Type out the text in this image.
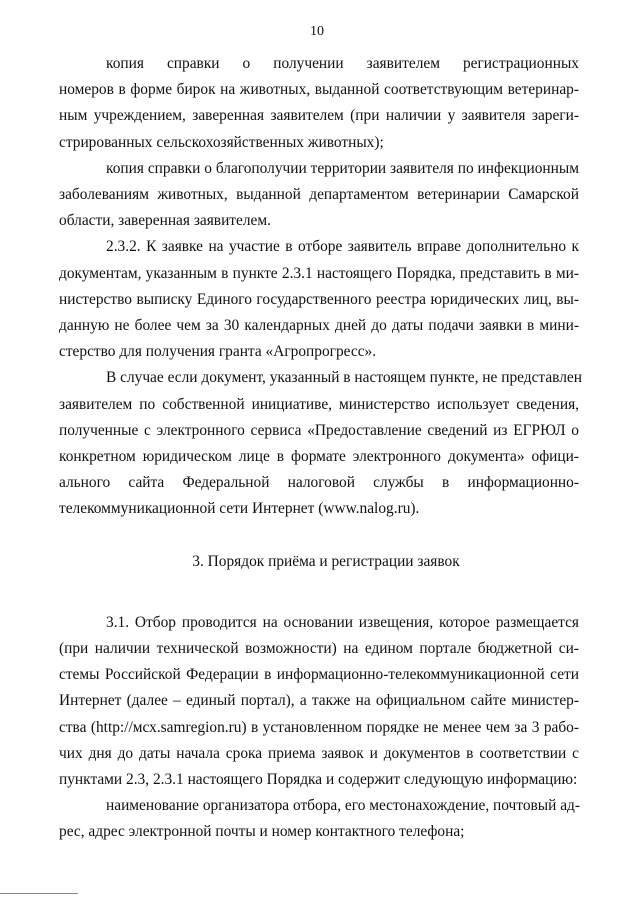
10
копия справки о получении заявителем регистрационных
номеров в форме бирок на животных, выданной соответствующим ветеринар-
ным учреждением, заверенная заявителем (при наличии у заявителя зареги-
стрированных сельскохозяйственных животных);
копия справки о благополучии территории заявителя по инфекционным
заболеваниям животных, выданной департаментом ветеринарии Самарской
области, заверенная заявителем.
2.3.2. К заявке на участие в отборе заявитель вправе дополнительно к
документам, указанным в пункте 2.3.1 настоящего Порядка, представить в ми-
нистерство выписку Единого государственного реестра юридических лиц, вы-
данную не более чем за 30 календарных дней до даты подачи заявки в мини-
стерство для получения гранта «Агропрогресс».
В случае если документ, указанный в настоящем пункте, не представлен
заявителем по собственной инициативе, министерство использует сведения,
полученные с электронного сервиса «Предоставление сведений из ЕГРЮЛ о
конкретном юридическом лице в формате электронного документа» офици-
ального сайта Федеральной налоговой службы в информационно-
телекоммуникационной сети Интернет (www.nalog.ru).
3. Порядок приёма и регистрации заявок
3.1. Отбор проводится на основании извещения, которое размещается
(при наличии технической возможности) на едином портале бюджетной си-
стемы Российской Федерации в информационно-телекоммуникационной сети
Интернет (далее – единый портал), а также на официальном сайте министер-
ства (http://мсх.samregion.ru) в установленном порядке не менее чем за 3 рабо-
чих дня до даты начала срока приема заявок и документов в соответствии с
пунктами 2.3, 2.3.1 настоящего Порядка и содержит следующую информацию:
наименование организатора отбора, его местонахождение, почтовый ад-
рес, адрес электронной почты и номер контактного телефона;
